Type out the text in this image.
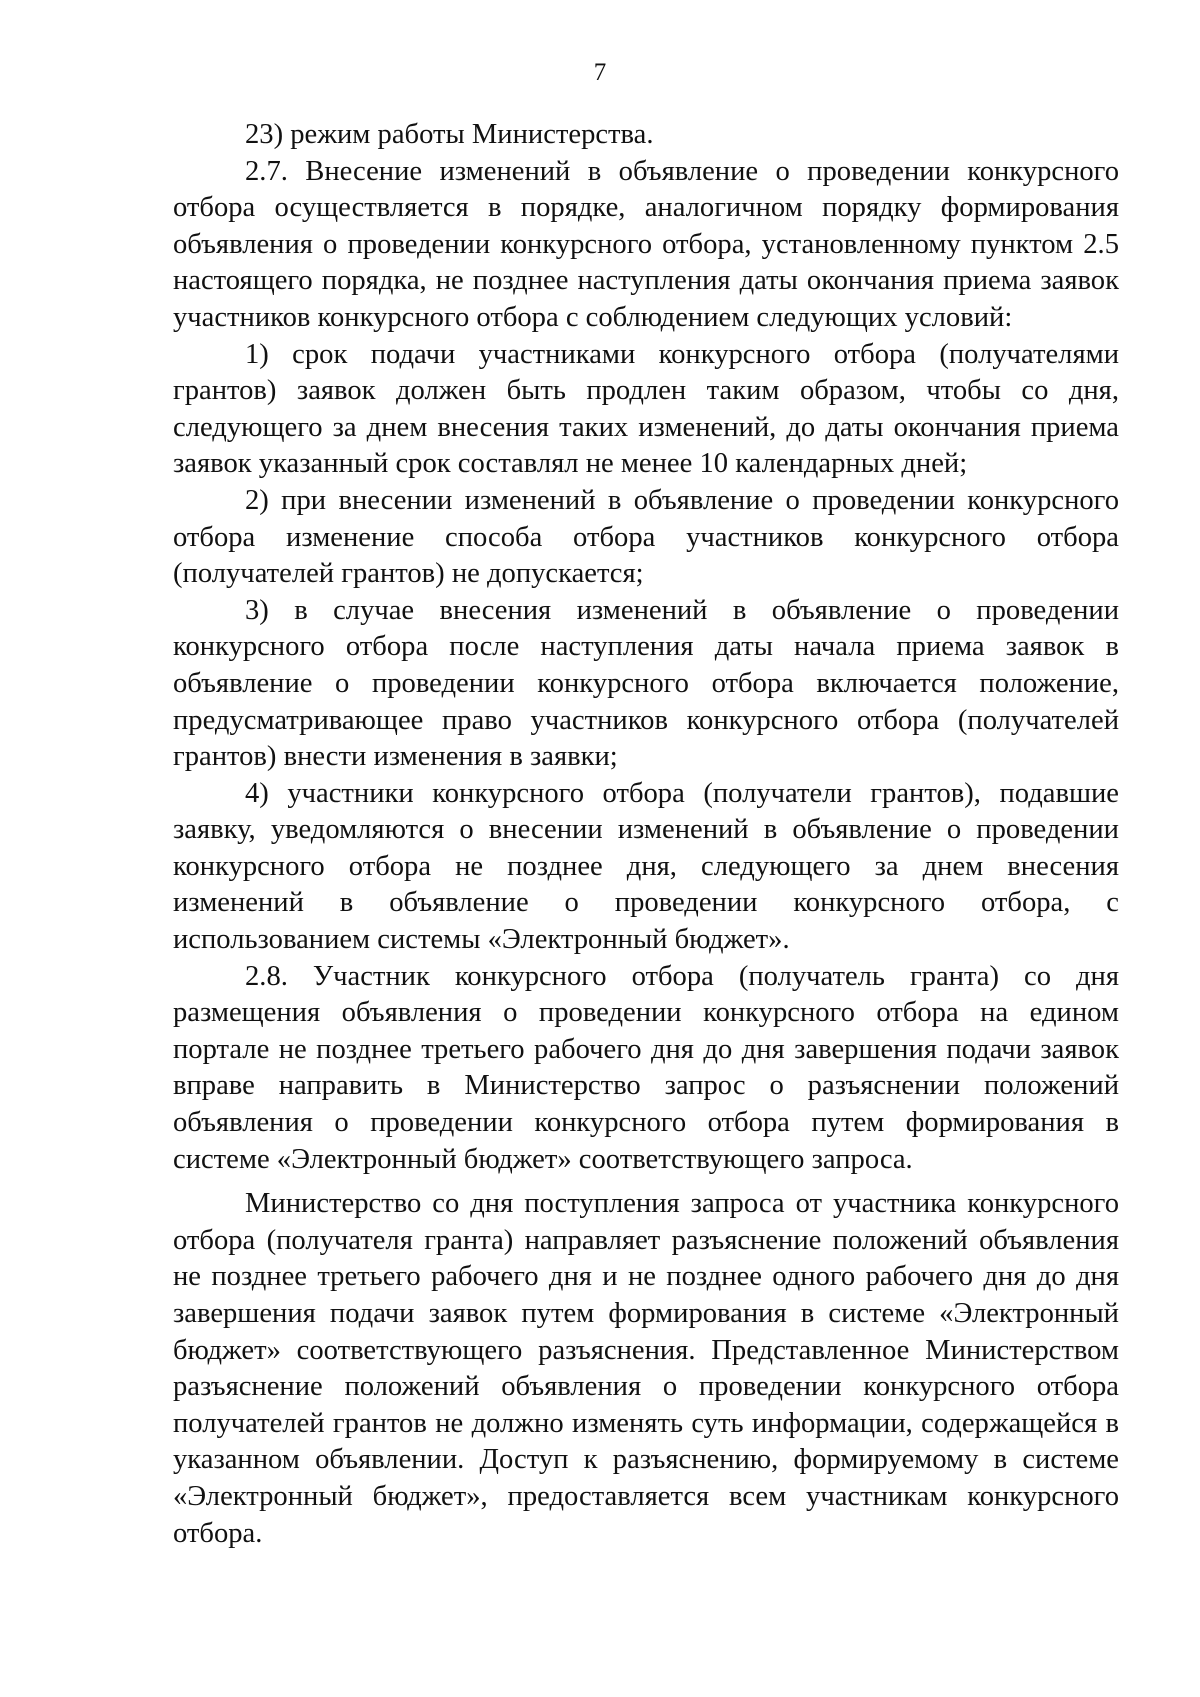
7

23) режим работы Министерства.

2.7. Внесение изменений в объявление о проведении конкурсного отбора осуществляется в порядке, аналогичном порядку формирования объявления о проведении конкурсного отбора, установленному пунктом 2.5 настоящего порядка, не позднее наступления даты окончания приема заявок участников конкурсного отбора с соблюдением следующих условий:

1) срок подачи участниками конкурсного отбора (получателями грантов) заявок должен быть продлен таким образом, чтобы со дня, следующего за днем внесения таких изменений, до даты окончания приема заявок указанный срок составлял не менее 10 календарных дней;

2) при внесении изменений в объявление о проведении конкурсного отбора изменение способа отбора участников конкурсного отбора (получателей грантов) не допускается;

3) в случае внесения изменений в объявление о проведении конкурсного отбора после наступления даты начала приема заявок в объявление о проведении конкурсного отбора включается положение, предусматривающее право участников конкурсного отбора (получателей грантов) внести изменения в заявки;

4) участники конкурсного отбора (получатели грантов), подавшие заявку, уведомляются о внесении изменений в объявление о проведении конкурсного отбора не позднее дня, следующего за днем внесения изменений в объявление о проведении конкурсного отбора, с использованием системы «Электронный бюджет».

2.8. Участник конкурсного отбора (получатель гранта) со дня размещения объявления о проведении конкурсного отбора на едином портале не позднее третьего рабочего дня до дня завершения подачи заявок вправе направить в Министерство запрос о разъяснении положений объявления о проведении конкурсного отбора путем формирования в системе «Электронный бюджет» соответствующего запроса.

Министерство со дня поступления запроса от участника конкурсного отбора (получателя гранта) направляет разъяснение положений объявления не позднее третьего рабочего дня и не позднее одного рабочего дня до дня завершения подачи заявок путем формирования в системе «Электронный бюджет» соответствующего разъяснения. Представленное Министерством разъяснение положений объявления о проведении конкурсного отбора получателей грантов не должно изменять суть информации, содержащейся в указанном объявлении. Доступ к разъяснению, формируемому в системе «Электронный бюджет», предоставляется всем участникам конкурсного отбора.
